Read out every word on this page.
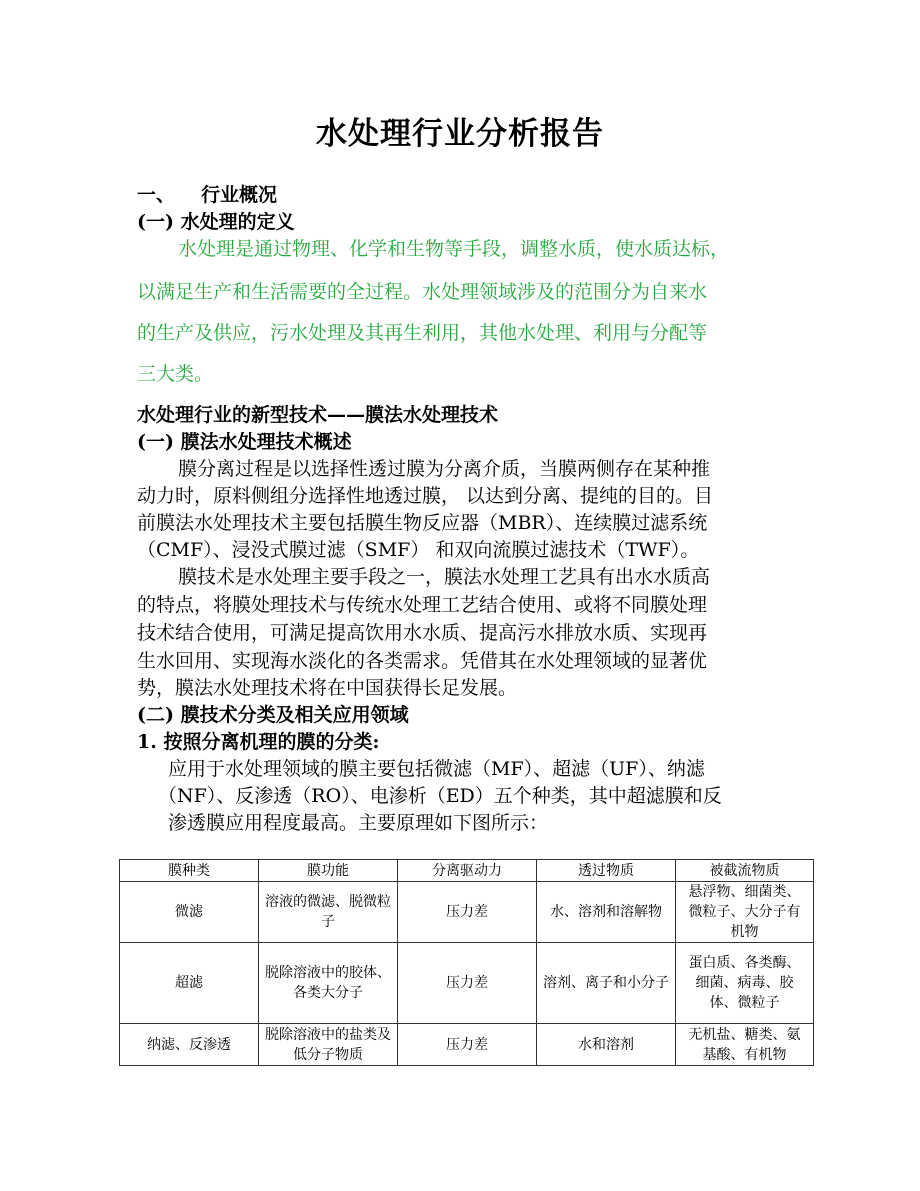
水处理行业分析报告
一、 行业概况
(一) 水处理的定义
水处理是通过物理、化学和生物等手段，调整水质，使水质达标，
以满足生产和生活需要的全过程。水处理领域涉及的范围分为自来水
的生产及供应，污水处理及其再生利用，其他水处理、利用与分配等
三大类。
水处理行业的新型技术——膜法水处理技术
(一) 膜法水处理技术概述
膜分离过程是以选择性透过膜为分离介质，当膜两侧存在某种推
动力时，原料侧组分选择性地透过膜， 以达到分离、提纯的目的。目
前膜法水处理技术主要包括膜生物反应器（MBR）、连续膜过滤系统
（CMF）、浸没式膜过滤（SMF） 和双向流膜过滤技术（TWF）。
膜技术是水处理主要手段之一，膜法水处理工艺具有出水水质高
的特点，将膜处理技术与传统水处理工艺结合使用、或将不同膜处理
技术结合使用，可满足提高饮用水水质、提高污水排放水质、实现再
生水回用、实现海水淡化的各类需求。凭借其在水处理领域的显著优
势，膜法水处理技术将在中国获得长足发展。
(二) 膜技术分类及相关应用领域
1. 按照分离机理的膜的分类:
应用于水处理领域的膜主要包括微滤（MF）、超滤（UF）、纳滤
（NF）、反渗透（RO）、电渗析（ED）五个种类，其中超滤膜和反
渗透膜应用程度最高。主要原理如下图所示：
膜种类	膜功能	分离驱动力	透过物质	被截流物质
微滤	溶液的微滤、脱微粒子	压力差	水、溶剂和溶解物	悬浮物、细菌类、微粒子、大分子有机物
超滤	脱除溶液中的胶体、各类大分子	压力差	溶剂、离子和小分子	蛋白质、各类酶、细菌、病毒、胶体、微粒子
纳滤、反渗透	脱除溶液中的盐类及低分子物质	压力差	水和溶剂	无机盐、糖类、氨基酸、有机物
